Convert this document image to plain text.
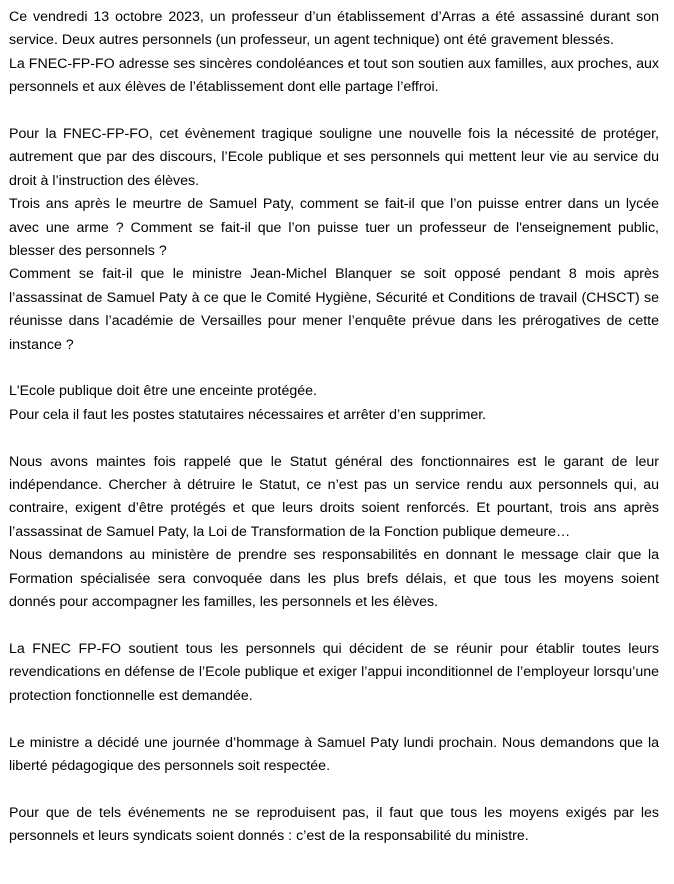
Ce vendredi 13 octobre 2023, un professeur d’un établissement d’Arras a été assassiné durant son service. Deux autres personnels (un professeur, un agent technique) ont été gravement blessés.

La FNEC-FP-FO adresse ses sincères condoléances et tout son soutien aux familles, aux proches, aux personnels et aux élèves de l’établissement dont elle partage l’effroi.

Pour la FNEC-FP-FO, cet évènement tragique souligne une nouvelle fois la nécessité de protéger, autrement que par des discours, l’Ecole publique et ses personnels qui mettent leur vie au service du droit à l’instruction des élèves.

Trois ans après le meurtre de Samuel Paty, comment se fait-il que l’on puisse entrer dans un lycée avec une arme ? Comment se fait-il que l’on puisse tuer un professeur de l'enseignement public, blesser des personnels ?

Comment se fait-il que le ministre Jean-Michel Blanquer se soit opposé pendant 8 mois après l’assassinat de Samuel Paty à ce que le Comité Hygiène, Sécurité et Conditions de travail (CHSCT) se réunisse dans l’académie de Versailles pour mener l’enquête prévue dans les prérogatives de cette instance ?

L'Ecole publique doit être une enceinte protégée.

Pour cela il faut les postes statutaires nécessaires et arrêter d’en supprimer.

Nous avons maintes fois rappelé que le Statut général des fonctionnaires est le garant de leur indépendance. Chercher à détruire le Statut, ce n’est pas un service rendu aux personnels qui, au contraire, exigent d’être protégés et que leurs droits soient renforcés. Et pourtant, trois ans après l’assassinat de Samuel Paty, la Loi de Transformation de la Fonction publique demeure…

Nous demandons au ministère de prendre ses responsabilités en donnant le message clair que la Formation spécialisée sera convoquée dans les plus brefs délais, et que tous les moyens soient donnés pour accompagner les familles, les personnels et les élèves.

La FNEC FP-FO soutient tous les personnels qui décident de se réunir pour établir toutes leurs revendications en défense de l’Ecole publique et exiger l’appui inconditionnel de l’employeur lorsqu’une protection fonctionnelle est demandée.

Le ministre a décidé une journée d’hommage à Samuel Paty lundi prochain. Nous demandons que la liberté pédagogique des personnels soit respectée.

Pour que de tels événements ne se reproduisent pas, il faut que tous les moyens exigés par les personnels et leurs syndicats soient donnés : c’est de la responsabilité du ministre.
